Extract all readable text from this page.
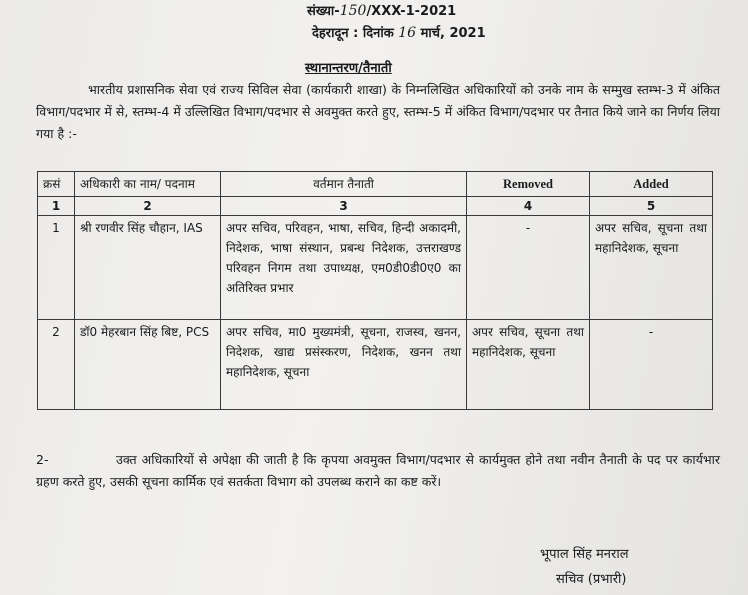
संख्या-150/XXX-1-2021
देहरादून : दिनांक 16 मार्च, 2021
स्थानान्तरण/तैनाती
भारतीय प्रशासनिक सेवा एवं राज्य सिविल सेवा (कार्यकारी शाखा) के निम्नलिखित अधिकारियों को उनके नाम के सम्मुख स्तम्भ-3 में अंकित विभाग/पदभार में से, स्तम्भ-4 में उल्लिखित विभाग/पदभार से अवमुक्त करते हुए, स्तम्भ-5 में अंकित विभाग/पदभार पर तैनात किये जाने का निर्णय लिया गया है :-
क्रसं	अधिकारी का नाम/ पदनाम	वर्तमान तैनाती	Removed	Added
1	2	3	4	5
1	श्री रणवीर सिंह चौहान, IAS	अपर सचिव, परिवहन, भाषा, सचिव, हिन्दी अकादमी, निदेशक, भाषा संस्थान, प्रबन्ध निदेशक, उत्तराखण्ड परिवहन निगम तथा उपाध्यक्ष, एम0डी0डी0ए0 का अतिरिक्त प्रभार	-	अपर सचिव, सूचना तथा महानिदेशक, सूचना
2	डॉ0 मेहरबान सिंह बिष्ट, PCS	अपर सचिव, मा0 मुख्यमंत्री, सूचना, राजस्व, खनन, निदेशक, खाद्य प्रसंस्करण, निदेशक, खनन तथा महानिदेशक, सूचना	अपर सचिव, सूचना तथा महानिदेशक, सूचना	-
2-	उक्त अधिकारियों से अपेक्षा की जाती है कि कृपया अवमुक्त विभाग/पदभार से कार्यमुक्त होने तथा नवीन तैनाती के पद पर कार्यभार ग्रहण करते हुए, उसकी सूचना कार्मिक एवं सतर्कता विभाग को उपलब्ध कराने का कष्ट करें।
भूपाल सिंह मनराल
सचिव (प्रभारी)
